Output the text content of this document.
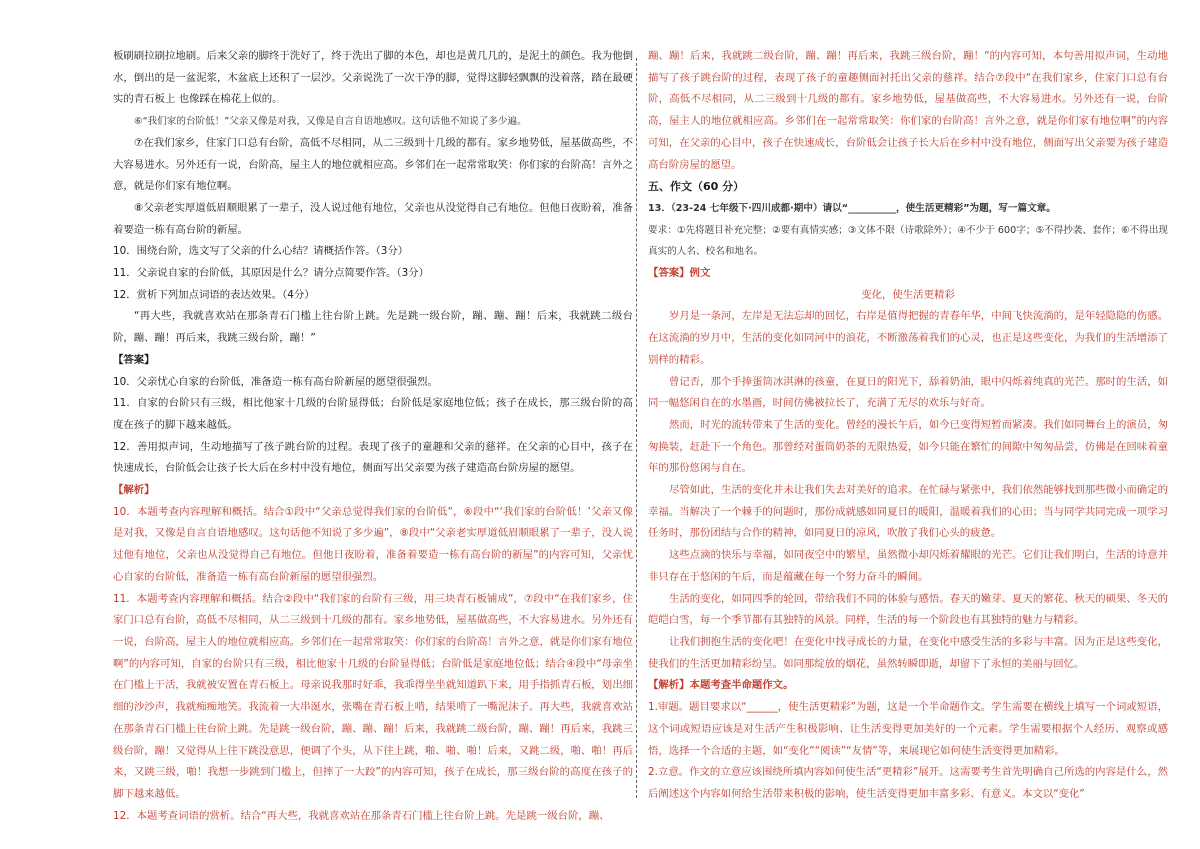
板刷刷拉刷拉地刷。后来父亲的脚终于洗好了，终于洗出了脚的本色，却也是黄几几的，是泥土的颜色。我为他倒水，倒出的是一盆泥浆，木盆底上还积了一层沙。父亲说洗了一次干净的脚，觉得这脚轻飘飘的没着落，踏在最硬实的青石板上 也像踩在棉花上似的。

⑥“我们家的台阶低！”父亲又像是对我，又像是自言自语地感叹。这句话他不知说了多少遍。

⑦在我们家乡，住家门口总有台阶，高低不尽相同，从二三级到十几级的都有。家乡地势低，屋基做高些，不大容易进水。另外还有一说，台阶高，屋主人的地位就相应高。乡邻们在一起常常取笑：你们家的台阶高！言外之意，就是你们家有地位啊。

⑧父亲老实厚道低眉顺眼累了一辈子，没人说过他有地位，父亲也从没觉得自己有地位。但他日夜盼着，准备着要造一栋有高台阶的新屋。

10．围绕台阶，选文写了父亲的什么心结？请概括作答。（3分）

11．父亲说自家的台阶低，其原因是什么？请分点简要作答。（3分）

12．赏析下列加点词语的表达效果。（4分）

“再大些，我就喜欢站在那条青石门槛上往台阶上跳。先是跳一级台阶，蹦、蹦、蹦！后来，我就跳二级台阶，蹦、蹦！再后来，我跳三级台阶，蹦！”

【答案】

10．父亲忧心自家的台阶低，准备造一栋有高台阶新屋的愿望很强烈。

11．自家的台阶只有三级，相比他家十几级的台阶显得低；台阶低是家庭地位低；孩子在成长，那三级台阶的高度在孩子的脚下越来越低。

12．善用拟声词，生动地描写了孩子跳台阶的过程。表现了孩子的童趣和父亲的慈祥。在父亲的心目中，孩子在快速成长，台阶低会让孩子长大后在乡村中没有地位，侧面写出父亲要为孩子建造高台阶房屋的愿望。

【解析】

10．本题考查内容理解和概括。结合①段中“父亲总觉得我们家的台阶低”，⑥段中“‘我们家的台阶低！’父亲又像是对我，又像是自言自语地感叹。这句话他不知说了多少遍”，⑧段中“父亲老实厚道低眉顺眼累了一辈子，没人说过他有地位，父亲也从没觉得自己有地位。但他日夜盼着，准备着要造一栋有高台阶的新屋”的内容可知，父亲忧心自家的台阶低，准备造一栋有高台阶新屋的愿望很强烈。

11．本题考查内容理解和概括。结合②段中“我们家的台阶有三级，用三块青石板铺成”，⑦段中“在我们家乡，住家门口总有台阶，高低不尽相同，从二三级到十几级的都有。家乡地势低，屋基做高些，不大容易进水。另外还有一说，台阶高，屋主人的地位就相应高。乡邻们在一起常常取笑：你们家的台阶高！言外之意，就是你们家有地位啊”的内容可知，自家的台阶只有三级，相比他家十几级的台阶显得低；台阶低是家庭地位低；结合④段中“母亲坐在门槛上干活，我就被安置在青石板上。母亲说我那时好乖，我乖得坐坐就知道趴下来，用手指抓青石板，划出细细的沙沙声，我就痴痴地笑。我流着一大串涎水，张嘴在青石板上啃，结果啃了一嘴泥沫子。再大些，我就喜欢站在那条青石门槛上往台阶上跳。先是跳一级台阶，蹦、蹦、蹦！后来，我就跳二级台阶，蹦、蹦！再后来，我跳三级台阶，蹦！又觉得从上往下跳没意思，便调了个头，从下往上跳，啪、啪、啪！后来，又跳二级，啪、啪！再后来，又跳三级，啪！我想一步跳到门槛上，但摔了一大跤”的内容可知，孩子在成长，那三级台阶的高度在孩子的脚下越来越低。

12．本题考查词语的赏析。结合“再大些，我就喜欢站在那条青石门槛上往台阶上跳。先是跳一级台阶，蹦、

蹦、蹦！后来，我就跳二级台阶，蹦、蹦！再后来，我跳三级台阶，蹦！”的内容可知，本句善用拟声词，生动地描写了孩子跳台阶的过程，表现了孩子的童趣侧面衬托出父亲的慈祥。结合⑦段中“在我们家乡，住家门口总有台阶，高低不尽相同，从二三级到十几级的都有。家乡地势低，屋基做高些，不大容易进水。另外还有一说，台阶高，屋主人的地位就相应高。乡邻们在一起常常取笑：你们家的台阶高！言外之意，就是你们家有地位啊”的内容可知，在父亲的心目中，孩子在快速成长，台阶低会让孩子长大后在乡村中没有地位，侧面写出父亲要为孩子建造高台阶房屋的愿望。

五、作文（60 分）

13．（23-24 七年级下·四川成都·期中）请以“__________，使生活更精彩”为题，写一篇文章。

要求：①先将题目补充完整；②要有真情实感；③文体不限（诗歌除外）；④不少于 600字；⑤不得抄袭、套作；⑥不得出现真实的人名、校名和地名。

【答案】例文

变化，使生活更精彩

岁月是一条河，左岸是无法忘却的回忆，右岸是值得把握的青春年华，中间飞快流淌的，是年轻隐隐的伤感。在这流淌的岁月中，生活的变化如同河中的浪花，不断激荡着我们的心灵，也正是这些变化，为我们的生活增添了别样的精彩。

曾记否，那个手捧蛋筒冰淇淋的孩童，在夏日的阳光下，舔着奶油，眼中闪烁着纯真的光芒。那时的生活，如同一幅悠闲自在的水墨画，时间仿佛被拉长了，充满了无尽的欢乐与好奇。

然而，时光的流转带来了生活的变化。曾经的漫长午后，如今已变得短暂而紧凑。我们如同舞台上的演员，匆匆换装，赶赴下一个角色。那曾经对蛋筒奶茶的无限热爱，如今只能在繁忙的间隙中匆匆品尝，仿佛是在回味着童年的那份悠闲与自在。

尽管如此，生活的变化并未让我们失去对美好的追求。在忙碌与紧张中，我们依然能够找到那些微小而确定的幸福。当解决了一个棘手的问题时，那份成就感如同夏日的暖阳，温暖着我们的心田；当与同学共同完成一项学习任务时，那份团结与合作的精神，如同夏日的凉风，吹散了我们心头的疲惫。

这些点滴的快乐与幸福，如同夜空中的繁星，虽然微小却闪烁着耀眼的光芒。它们让我们明白，生活的诗意并非只存在于悠闲的午后，而是蕴藏在每一个努力奋斗的瞬间。

生活的变化，如同四季的轮回，带给我们不同的体验与感悟。春天的嫩芽、夏天的繁花、秋天的硕果、冬天的皑皑白雪，每一个季节都有其独特的风景。同样，生活的每一个阶段也有其独特的魅力与精彩。

让我们拥抱生活的变化吧！在变化中找寻成长的力量，在变化中感受生活的多彩与丰富。因为正是这些变化，使我们的生活更加精彩纷呈。如同那绽放的烟花，虽然转瞬即逝，却留下了永恒的美丽与回忆。

【解析】本题考查半命题作文。

1.审题。题目要求以“______，使生活更精彩”为题，这是一个半命题作文。学生需要在横线上填写一个词或短语，这个词或短语应该是对生活产生积极影响、让生活变得更加美好的一个元素。学生需要根据个人经历、观察或感悟，选择一个合适的主题，如“变化”“阅读”“友情”等，来展现它如何使生活变得更加精彩。

2.立意。作文的立意应该围绕所填内容如何使生活“更精彩”展开。这需要考生首先明确自己所选的内容是什么，然后阐述这个内容如何给生活带来积极的影响，使生活变得更加丰富多彩、有意义。本文以“变化”
